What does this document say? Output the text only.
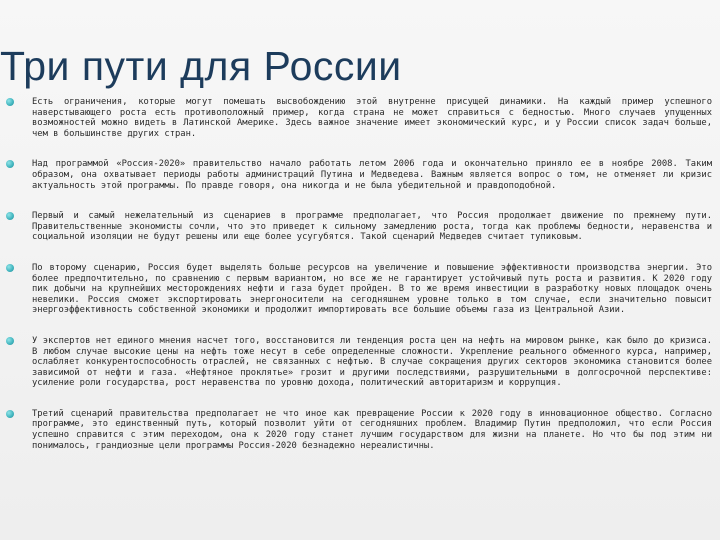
Три пути для России
Есть ограничения, которые могут помешать высвобождению этой внутренне присущей динамики. На каждый пример успешного наверстывающего роста есть противоположный пример, когда страна не может справиться с бедностью. Много случаев упущенных возможностей можно видеть в Латинской Америке. Здесь важное значение имеет экономический курс, и у России список задач больше, чем в большинстве других стран.
Над программой «Россия-2020» правительство начало работать летом 2006 года и окончательно приняло ее в ноябре 2008. Таким образом, она охватывает периоды работы администраций Путина и Медведева. Важным является вопрос о том, не отменяет ли кризис актуальность этой программы. По правде говоря, она никогда и не была убедительной и правдоподобной.
Первый и самый нежелательный из сценариев в программе предполагает, что Россия продолжает движение по прежнему пути. Правительственные экономисты сочли, что это приведет к сильному замедлению роста, тогда как проблемы бедности, неравенства и социальной изоляции не будут решены или еще более усугубятся. Такой сценарий Медведев считает тупиковым.
По второму сценарию, Россия будет выделять больше ресурсов на увеличение и повышение эффективности производства энергии. Это более предпочтительно, по сравнению с первым вариантом, но все же не гарантирует устойчивый путь роста и развития. К 2020 году пик добычи на крупнейших месторождениях нефти и газа будет пройден. В то же время инвестиции в разработку новых площадок очень невелики. Россия сможет экспортировать энергоносители на сегодняшнем уровне только в том случае, если значительно повысит энергоэффективность собственной экономики и продолжит импортировать все большие объемы газа из Центральной Азии.
У экспертов нет единого мнения насчет того, восстановится ли тенденция роста цен на нефть на мировом рынке, как было до кризиса. В любом случае высокие цены на нефть тоже несут в себе определенные сложности. Укрепление реального обменного курса, например, ослабляет конкурентоспособность отраслей, не связанных с нефтью. В случае сокращения других секторов экономика становится более зависимой от нефти и газа. «Нефтяное проклятье» грозит и другими последствиями, разрушительными в долгосрочной перспективе: усиление роли государства, рост неравенства по уровню дохода, политический авторитаризм и коррупция.
Третий сценарий правительства предполагает не что иное как превращение России к 2020 году в инновационное общество. Согласно программе, это единственный путь, который позволит уйти от сегодняшних проблем. Владимир Путин предположил, что если Россия успешно справится с этим переходом, она к 2020 году станет лучшим государством для жизни на планете. Но что бы под этим ни понималось, грандиозные цели программы Россия-2020 безнадежно нереалистичны.
